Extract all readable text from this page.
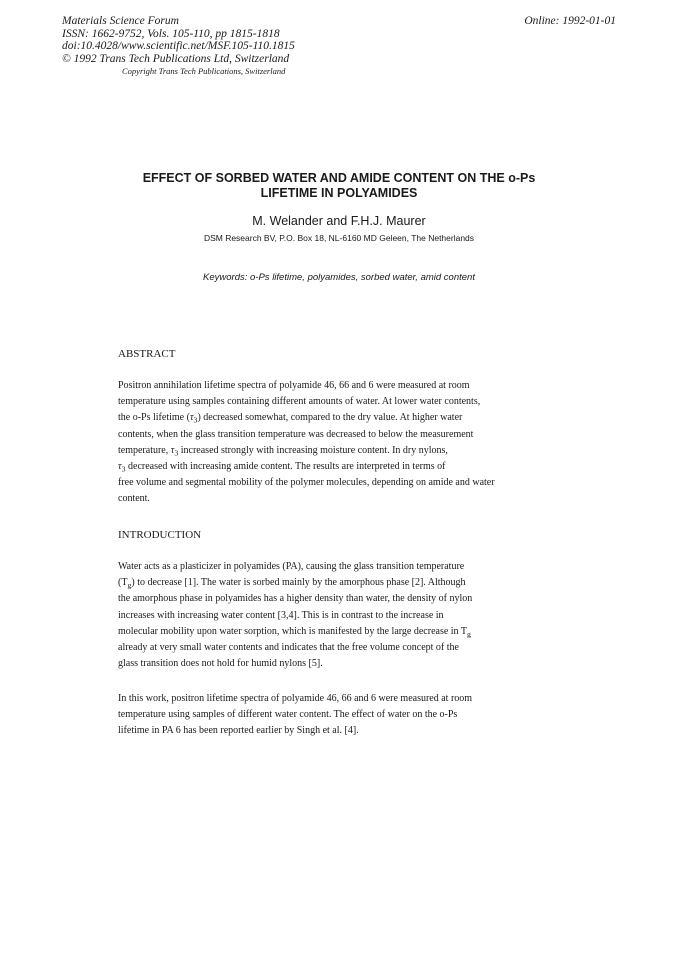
Materials Science Forum
ISSN: 1662-9752, Vols. 105-110, pp 1815-1818
doi:10.4028/www.scientific.net/MSF.105-110.1815
© 1992 Trans Tech Publications Ltd, Switzerland
Online: 1992-01-01
Copyright Trans Tech Publications, Switzerland
EFFECT OF SORBED WATER AND AMIDE CONTENT ON THE o-Ps
LIFETIME IN POLYAMIDES
M. Welander and F.H.J. Maurer
DSM Research BV, P.O. Box 18, NL-6160 MD Geleen, The Netherlands
Keywords: o-Ps lifetime, polyamides, sorbed water, amid content
ABSTRACT
Positron annihilation lifetime spectra of polyamide 46, 66 and 6 were measured at room
temperature using samples containing different amounts of water. At lower water contents,
the o-Ps lifetime $(\tau_3)$ decreased somewhat, compared to the dry value. At higher water
contents, when the glass transition temperature was decreased to below the measurement
temperature, $\tau_3$ increased strongly with increasing moisture content. In dry nylons,
$\tau_3$ decreased with increasing amide content. The results are interpreted in terms of
free volume and segmental mobility of the polymer molecules, depending on amide and water
content.
INTRODUCTION
Water acts as a plasticizer in polyamides (PA), causing the glass transition temperature
$(T_g)$ to decrease [1]. The water is sorbed mainly by the amorphous phase [2]. Although
the amorphous phase in polyamides has a higher density than water, the density of nylon
increases with increasing water content [3,4]. This is in contrast to the increase in
molecular mobility upon water sorption, which is manifested by the large decrease in $T_g$
already at very small water contents and indicates that the free volume concept of the
glass transition does not hold for humid nylons [5].
In this work, positron lifetime spectra of polyamide 46, 66 and 6 were measured at room
temperature using samples of different water content. The effect of water on the o-Ps
lifetime in PA 6 has been reported earlier by Singh et al. [4].
